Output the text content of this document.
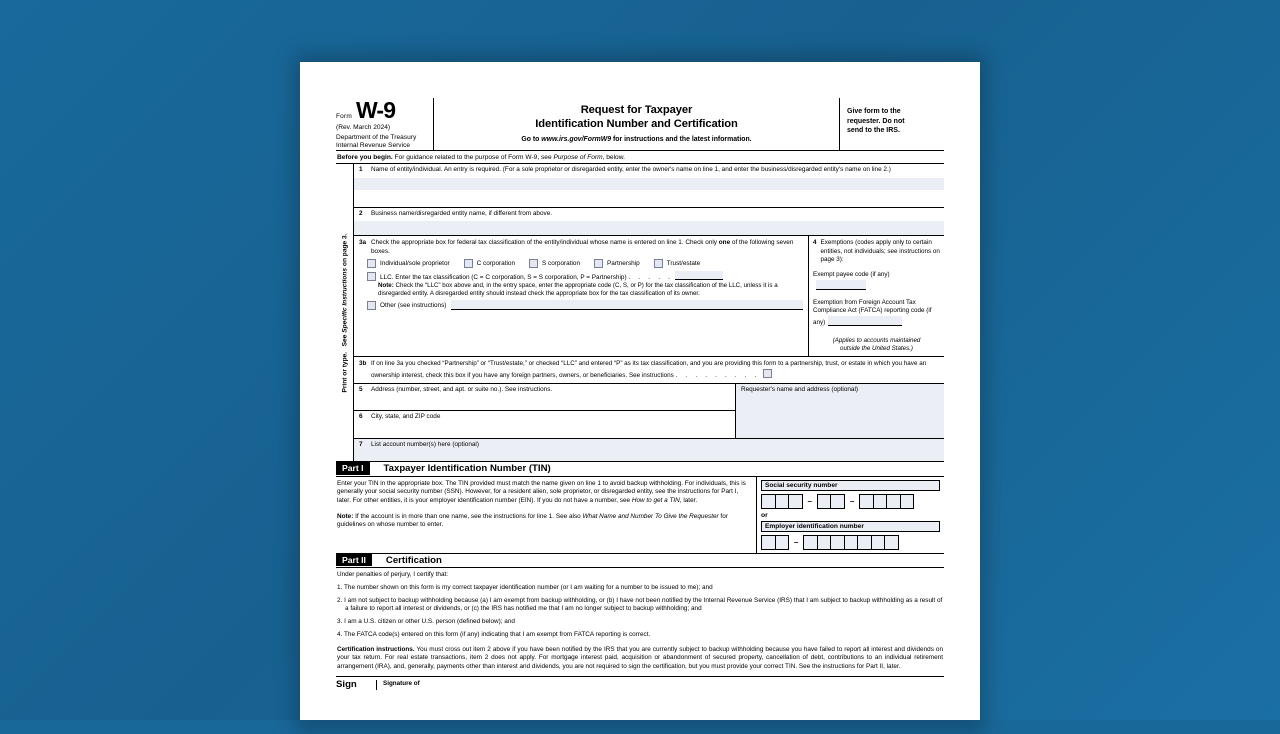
Form W-9
(Rev. March 2024)
Department of the Treasury
Internal Revenue Service
Request for Taxpayer
Identification Number and Certification
Go to www.irs.gov/FormW9 for instructions and the latest information.
Give form to the
requester. Do not
send to the IRS.
Before you begin. For guidance related to the purpose of Form W-9, see Purpose of Form, below.
Print or type.   See Specific Instructions on page 3.
1	Name of entity/individual. An entry is required. (For a sole proprietor or disregarded entity, enter the owner's name on line 1, and enter the business/disregarded entity's name on line 2.)
2	Business name/disregarded entity name, if different from above.
3a Check the appropriate box for federal tax classification of the entity/individual whose name is entered on line 1. Check only one of the following seven boxes.
Individual/sole proprietor	C corporation	S corporation	Partnership	Trust/estate
LLC. Enter the tax classification (C = C corporation, S = S corporation, P = Partnership) . . . . .
Note: Check the “LLC” box above and, in the entry space, enter the appropriate code (C, S, or P) for the tax classification of the LLC, unless it is a disregarded entity. A disregarded entity should instead check the appropriate box for the tax classification of its owner.
Other (see instructions)
4 Exemptions (codes apply only to certain entities, not individuals; see instructions on page 3):
Exempt payee code (if any)
Exemption from Foreign Account Tax Compliance Act (FATCA) reporting code (if any)
(Applies to accounts maintained
outside the United States.)
3b If on line 3a you checked “Partnership” or “Trust/estate,” or checked “LLC” and entered “P” as its tax classification, and you are providing this form to a partnership, trust, or estate in which you have an ownership interest, check this box if you have any foreign partners, owners, or beneficiaries. See instructions . . . . . . . . .
5	Address (number, street, and apt. or suite no.). See instructions.
6	City, state, and ZIP code
Requester's name and address (optional)
7	List account number(s) here (optional)
Part I	Taxpayer Identification Number (TIN)

Enter your TIN in the appropriate box. The TIN provided must match the name given on line 1 to avoid backup withholding. For individuals, this is generally your social security number (SSN). However, for a resident alien, sole proprietor, or disregarded entity, see the instructions for Part I, later. For other entities, it is your employer identification number (EIN). If you do not have a number, see How to get a TIN, later.

Note: If the account is in more than one name, see the instructions for line 1. See also What Name and Number To Give the Requester for guidelines on whose number to enter.

Social security number
–	–
or
Employer identification number
–
Part II	Certification

Under penalties of perjury, I certify that:

1. The number shown on this form is my correct taxpayer identification number (or I am waiting for a number to be issued to me); and

2. I am not subject to backup withholding because (a) I am exempt from backup withholding, or (b) I have not been notified by the Internal Revenue Service (IRS) that I am subject to backup withholding as a result of a failure to report all interest or dividends, or (c) the IRS has notified me that I am no longer subject to backup withholding; and

3. I am a U.S. citizen or other U.S. person (defined below); and

4. The FATCA code(s) entered on this form (if any) indicating that I am exempt from FATCA reporting is correct.

Certification instructions. You must cross out item 2 above if you have been notified by the IRS that you are currently subject to backup withholding because you have failed to report all interest and dividends on your tax return. For real estate transactions, item 2 does not apply. For mortgage interest paid, acquisition or abandonment of secured property, cancellation of debt, contributions to an individual retirement arrangement (IRA), and, generally, payments other than interest and dividends, you are not required to sign the certification, but you must provide your correct TIN. See the instructions for Part II, later.

Sign	Signature of
